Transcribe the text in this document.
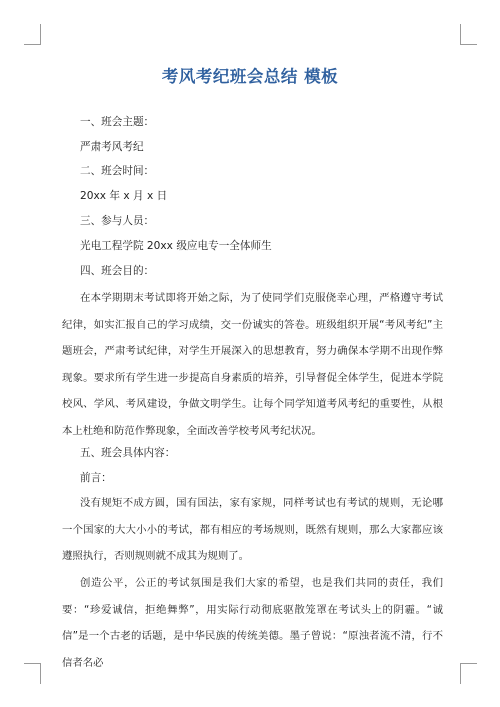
考风考纪班会总结 模板
一、班会主题：
严肃考风考纪
二、班会时间：
20xx 年 x 月 x 日
三、参与人员：
光电工程学院 20xx 级应电专一全体师生
四、班会目的：
在本学期期末考试即将开始之际，为了使同学们克服侥幸心理，严格遵守考试纪律，如实汇报自己的学习成绩，交一份诚实的答卷。班级组织开展“考风考纪”主题班会，严肃考试纪律，对学生开展深入的思想教育，努力确保本学期不出现作弊现象。要求所有学生进一步提高自身素质的培养，引导督促全体学生，促进本学院校风、学风、考风建设，争做文明学生。让每个同学知道考风考纪的重要性，从根本上杜绝和防范作弊现象，全面改善学校考风考纪状况。
五、班会具体内容：
前言：
没有规矩不成方圆，国有国法，家有家规，同样考试也有考试的规则，无论哪一个国家的大大小小的考试，都有相应的考场规则，既然有规则，那么大家都应该遵照执行，否则规则就不成其为规则了。
创造公平，公正的考试氛围是我们大家的希望，也是我们共同的责任，我们要：“珍爱诚信，拒绝舞弊”，用实际行动彻底驱散笼罩在考试头上的阴霾。“诚信”是一个古老的话题，是中华民族的传统美德。墨子曾说：“原浊者流不清，行不信者名必
